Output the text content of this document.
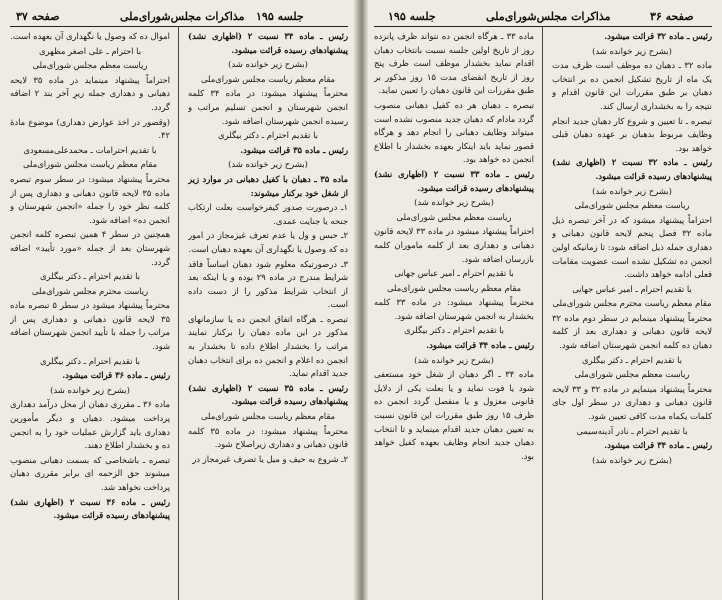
صفحه ۳۷	مذاکرات مجلس‌شورای‌ملی جلسه ۱۹۵

رئیس ـ ماده ۳۴ نسبت ۲ (اظهاری نشد) پیشنهادهای رسیده قرائت میشود.

(بشرح زیر خوانده شد)

مقام معظم ریاست مجلس شورای‌ملی

محترماً پیشنهاد میشود: در ماده ۳۴ کلمه انجمن شهرستان و انجمن تسلیم مراتب و رسیده انجمن شهرستان اضافه شود.

با تقدیم احترام ـ دکتر بیگلری

رئیس ـ ماده ۳۵ قرائت میشود.

(بشرح زیر خوانده شد)

ماده ۳۵ ـ دهبان با کفیل دهبانی در موارد زیر از شغل خود برکنار میشوند:

۱ـ درصورت صدور کیفرخواست بعلت ارتکاب جنحه یا جنایت عمدی.

۲ـ حبس و ول یا عدم تعرف غیرمجاز در امور ده که وصول یا نگهداری آن بعهده دهبان است.

۳ـ درصورتیکه معلوم شود دهبان اساساً فاقد شرایط مندرج در ماده ۲۹ بوده و یا اینکه بعد از انتخاب شرایط مذکور را از دست داده است.

تبصره ـ هرگاه اتفاق انجمن ده یا سازمانهای مذکور در این ماده دهبان را برکنار نمایند مراتب را بخشدار اطلاع داده تا بخشدار به انجمن ده اعلام و انجمن ده برای انتخاب دهبان جدید اقدام نماید.

رئیس ـ ماده ۳۵ نسبت ۲ (اظهاری نشد) پیشنهادهای رسیده قرائت میشود.

مقام معظم ریاست مجلس شورای‌ملی

محترماً پیشنهاد میشود: در ماده ۳۵ کلمه قانون دهبانی و دهداری زیراصلاح شود.

۲ـ شروع به حیف و میل یا تصرف غیرمجاز در

اموال ده که وصول یا نگهداری آن بعهده است.

با احترام ـ علی اصغر مظهری

ریاست معظم مجلس شورای‌ملی

احتراماً پیشنهاد مینماید در ماده ۳۵ لایحه دهبانی و دهداری جمله زیرِ آخر بند ۲ اضافه گردد.

(وقصور در اخذ عوارض دهداری) موضوع مادهٔ ۴۲.

با تقدیم احترامات‌ ـ محمدعلی‌مسعودی

مقام معظم ریاست مجلس شورای‌ملی

محترماً پیشنهاد میشود: در سطر سوم تبصره ماده ۳۵ لایحه قانون دهبانی و دهداری پس از کلمه نظر خود را جمله «انجمن شهرستان و انجمن ده» اضافه شود.

همچنین در سطر ۴ همین تبصره کلمه انجمن شهرستان بعد از جمله «مورد تأیید» اضافه گردد.

با تقدیم احترام ـ دکتر بیگلری

ریاست محترم مجلس شورای‌ملی

محترماً پیشنهاد میشود در سطر ۵ تبصره ماده ۳۵ لایحه قانون دهبانی و دهداری پس از مراتب را جمله با تأیید انجمن شهرستان اضافه شود.

با تقدیم احترام ـ دکتر بیگلری

رئیس ـ ماده ۳۶ قرائت میشود.

(بشرح زیر خوانده شد)

ماده ۳۶ ـ مقرری دهبان از محل درآمد دهداری پرداخت میشود. دهبان و دیگر مأمورین دهداری باید گزارش عملیات خود را به انجمن ده و بخشدار اطلاع دهند.

تبصره ـ باشخاصی که بسمت دهبانی منصوب میشوند حق الزحمه ای برابر مقرری دهبان پرداخت نخواهد شد.

رئیس ـ ماده ۳۶ نسبت ۲ (اظهاری نشد) پیشنهادهای رسیده قرائت میشود.

جلسه ۱۹۵	مذاکرات مجلس‌شورای‌ملی	صفحه ۳۶

رئیس ـ ماده ۳۲ قرائت میشود.

(بشرح زیر خوانده شد)

ماده ۳۲ ـ دهبان ده موظف است ظرف مدت یک ماه از تاریخ تشکیل انجمن ده بر انتخاب دهبان بر طبق مقررات این قانون اقدام و نتیجه را به بخشداری ارسال کند.

تبصره ـ تا تعیین و شروع کار دهبان جدید انجام وظایف مربوط بدهبان بر عهده دهبان قبلی خواهد بود.

رئیس ـ ماده ۳۲ نسبت ۲ (اظهاری نشد) پیشنهادهای رسیده قرائت میشود.

(بشرح زیر خوانده شد)

ریاست معظم مجلس شورای‌ملی

احتراماً پیشنهاد میشود که در آخر تبصره ذیل ماده ۳۲ فصل پنجم لایحه قانون دهبانی و دهداری جمله ذیل اضافه شود: تا زمانیکه اولین انجمن ده تشکیل نشده است عضویت مقامات فعلی ادامه خواهد داشت.

با تقدیم احترام ـ امیر عباس جهانی

مقام معظم ریاست محترم مجلس شورای‌ملی

محترماً پیشنهاد مینمایم در سطر دوم ماده ۳۲ لایحه قانون دهبانی و دهداری بعد از کلمه دهبان ده کلمه انجمن شهرستان اضافه شود.

با تقدیم احترام ـ دکتر بیگلری

ریاست معظم مجلس شورای‌ملی

محترماً پیشنهاد مینمایم در ماده ۳۲ و ۳۳ لایحه قانون دهبانی و دهداری در سطر اول جای کلمات یکماه مدت کافی تعیین شود.

با تقدیم احترام ـ نادر آدینه‌سیمی

رئیس ـ ماده ۳۴ قرائت میشود.

(بشرح زیر خوانده شد)

ماده ۳۳ ـ هرگاه انجمن ده نتواند ظرف پانزده روز از تاریخ اولین جلسه نسبت بانتخاب دهبان اقدام نماید بخشدار موظف است ظرف پنج روز از تاریخ انقضای مدت ۱۵ روز مذکور بر طبق مقررات این قانون دهبان را تعیین نماید.

تبصره ـ دهبان هر ده کفیل دهبانی منصوب گردد مادام که دهبان جدید منصوب نشده است میتواند وظایف دهبانی را انجام دهد و هرگاه قصور نماید باید اینکار بعهده بخشدار با اطلاع انجمن ده خواهد بود.

رئیس ـ ماده ۳۳ نسبت ۲ (اظهاری نشد) پیشنهادهای رسیده قرائت میشود.

(بشرح زیر خوانده شد)

ریاست معظم مجلس شورای‌ملی

احتراماً پیشنهاد میشود در ماده ۳۳ لایحه قانون دهبانی و دهداری بعد از کلمه ماموران کلمه بازرسان اضافه شود.

با تقدیم احترام ـ امیر عباس جهانی

مقام معظم ریاست مجلس شورای‌ملی

محترماً پیشنهاد میشود: در ماده ۳۳ کلمه بخشدار به انجمن شهرستان اضافه شود.

با تقدیم احترام ـ دکتر بیگلری

رئیس ـ ماده ۳۴ قرائت میشود.

(بشرح زیر خوانده شد)

ماده ۳۴ ـ اگر دهبان از شغل خود مستعفی شود یا فوت نماید و یا بعلت یکی از دلایل قانونی معزول و یا منفصل گردد انجمن ده ظرف ۱۵ روز طبق مقررات این قانون نسبت به تعیین دهبان جدید اقدام مینماید و تا انتخاب دهبان جدید انجام وظایف بعهده کفیل خواهد بود.
